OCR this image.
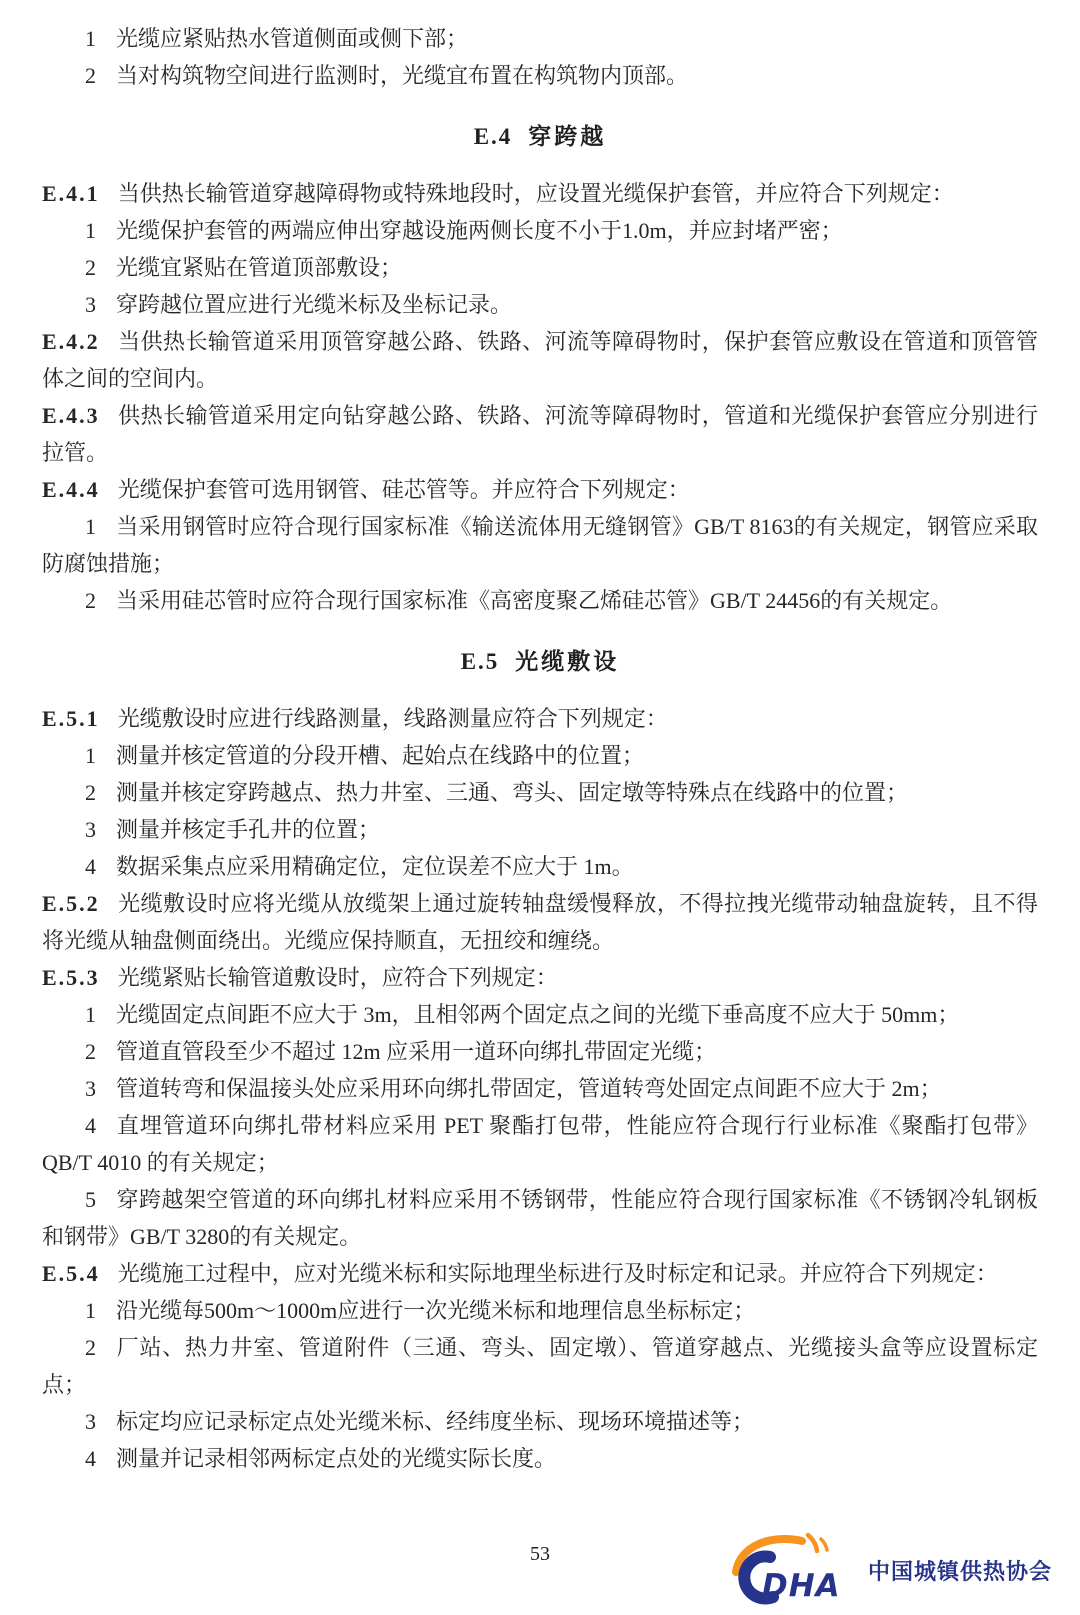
1 光缆应紧贴热水管道侧面或侧下部；

2 当对构筑物空间进行监测时，光缆宜布置在构筑物内顶部。

E.4 穿跨越

E.4.1 当供热长输管道穿越障碍物或特殊地段时，应设置光缆保护套管，并应符合下列规定：

1 光缆保护套管的两端应伸出穿越设施两侧长度不小于1.0m，并应封堵严密；

2 光缆宜紧贴在管道顶部敷设；

3 穿跨越位置应进行光缆米标及坐标记录。

E.4.2 当供热长输管道采用顶管穿越公路、铁路、河流等障碍物时，保护套管应敷设在管道和顶管管体之间的空间内。

E.4.3 供热长输管道采用定向钻穿越公路、铁路、河流等障碍物时，管道和光缆保护套管应分别进行拉管。

E.4.4 光缆保护套管可选用钢管、硅芯管等。并应符合下列规定：

1 当采用钢管时应符合现行国家标准《输送流体用无缝钢管》GB/T 8163的有关规定，钢管应采取防腐蚀措施；

2 当采用硅芯管时应符合现行国家标准《高密度聚乙烯硅芯管》GB/T 24456的有关规定。

E.5 光缆敷设

E.5.1 光缆敷设时应进行线路测量，线路测量应符合下列规定：

1 测量并核定管道的分段开槽、起始点在线路中的位置；

2 测量并核定穿跨越点、热力井室、三通、弯头、固定墩等特殊点在线路中的位置；

3 测量并核定手孔井的位置；

4 数据采集点应采用精确定位，定位误差不应大于 1m。

E.5.2 光缆敷设时应将光缆从放缆架上通过旋转轴盘缓慢释放，不得拉拽光缆带动轴盘旋转，且不得将光缆从轴盘侧面绕出。光缆应保持顺直，无扭绞和缠绕。

E.5.3 光缆紧贴长输管道敷设时，应符合下列规定：

1 光缆固定点间距不应大于 3m，且相邻两个固定点之间的光缆下垂高度不应大于 50mm；

2 管道直管段至少不超过 12m 应采用一道环向绑扎带固定光缆；

3 管道转弯和保温接头处应采用环向绑扎带固定，管道转弯处固定点间距不应大于 2m；

4 直埋管道环向绑扎带材料应采用 PET 聚酯打包带，性能应符合现行行业标准《聚酯打包带》QB/T 4010 的有关规定；

5 穿跨越架空管道的环向绑扎材料应采用不锈钢带，性能应符合现行国家标准《不锈钢冷轧钢板和钢带》GB/T 3280的有关规定。

E.5.4 光缆施工过程中，应对光缆米标和实际地理坐标进行及时标定和记录。并应符合下列规定：

1 沿光缆每500m～1000m应进行一次光缆米标和地理信息坐标标定；

2 厂站、热力井室、管道附件（三通、弯头、固定墩）、管道穿越点、光缆接头盒等应设置标定点；

3 标定均应记录标定点处光缆米标、经纬度坐标、现场环境描述等；

4 测量并记录相邻两标定点处的光缆实际长度。

53
DHA 中国城镇供热协会
